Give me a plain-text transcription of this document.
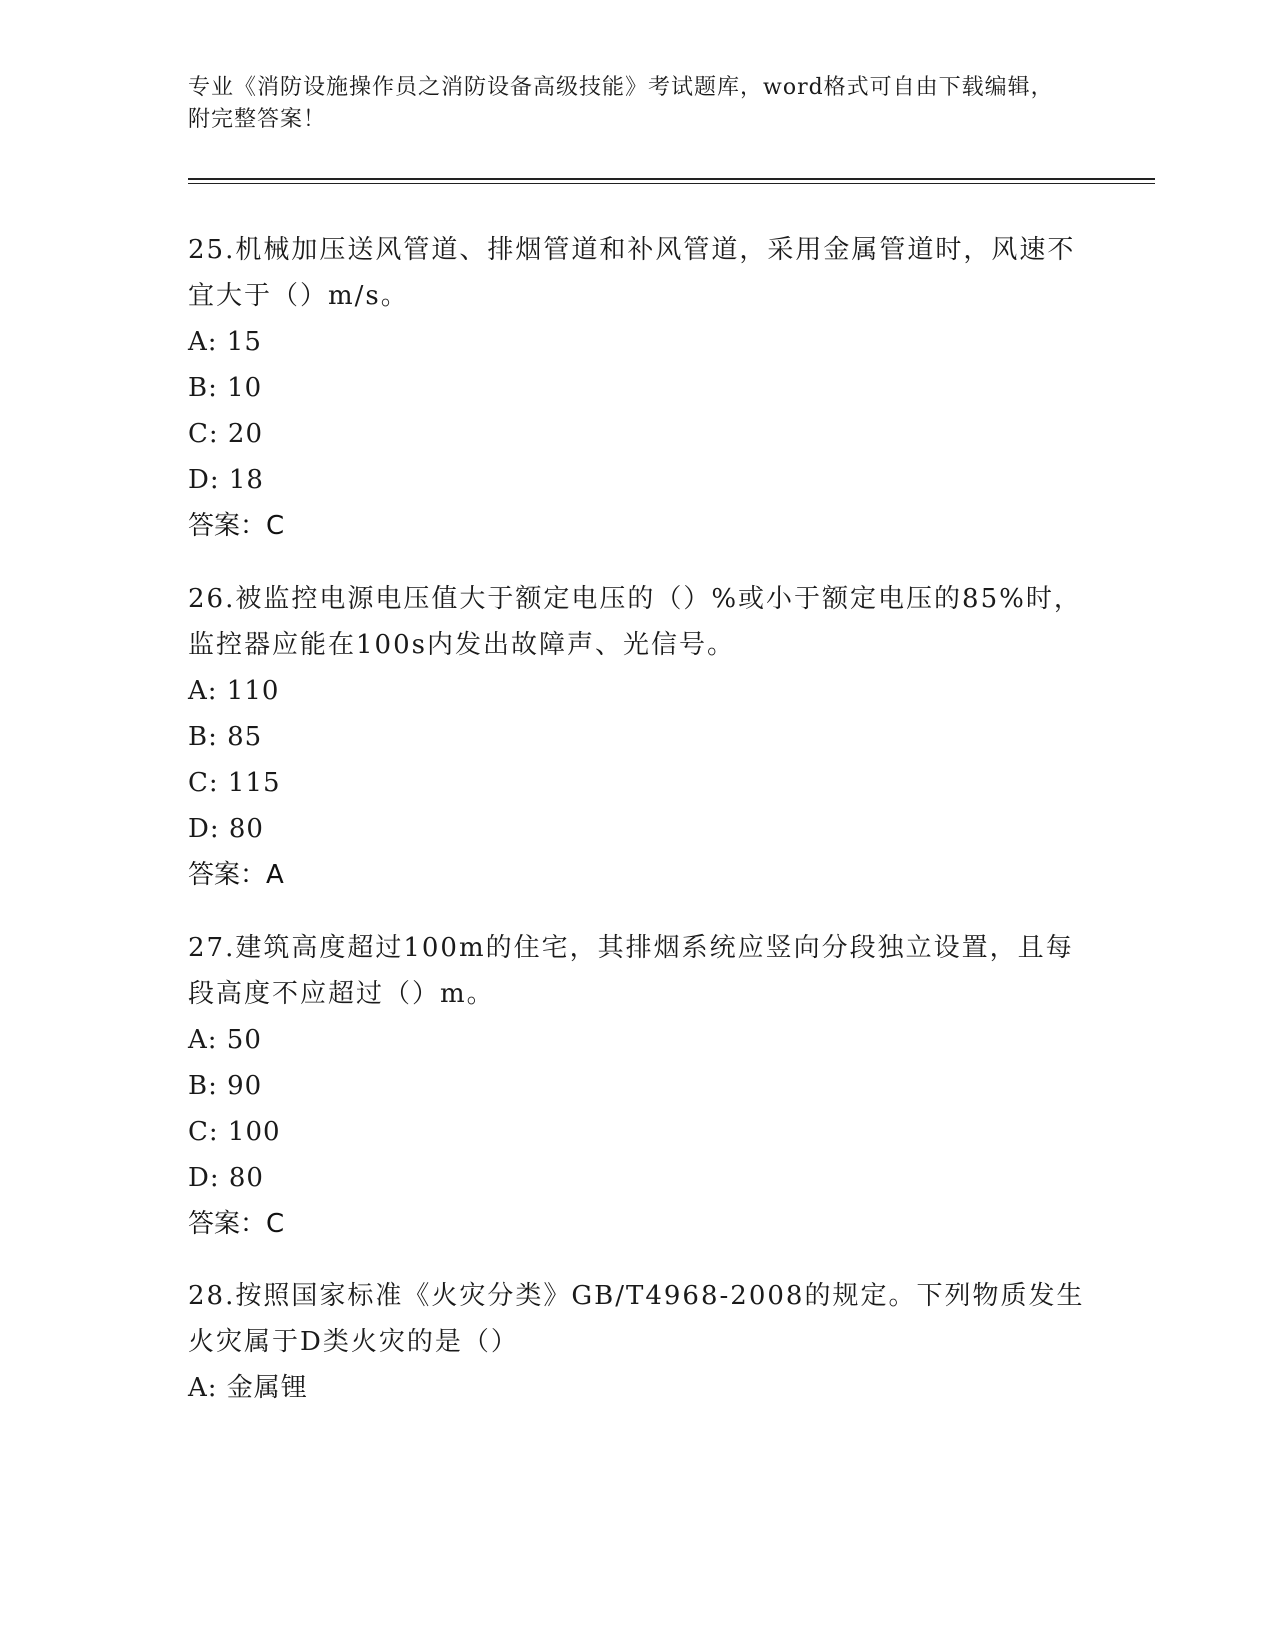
专业《消防设施操作员之消防设备高级技能》考试题库，word格式可自由下载编辑，附完整答案！

25.机械加压送风管道、排烟管道和补风管道，采用金属管道时，风速不宜大于（）m/s。

A: 15

B: 10

C: 20

D: 18

答案：C

26.被监控电源电压值大于额定电压的（）%或小于额定电压的85%时，监控器应能在100s内发出故障声、光信号。

A: 110

B: 85

C: 115

D: 80

答案：A

27.建筑高度超过100m的住宅，其排烟系统应竖向分段独立设置，且每段高度不应超过（）m。

A: 50

B: 90

C: 100

D: 80

答案：C

28.按照国家标准《火灾分类》GB/T4968-2008的规定。下列物质发生火灾属于D类火灾的是（）

A: 金属锂
